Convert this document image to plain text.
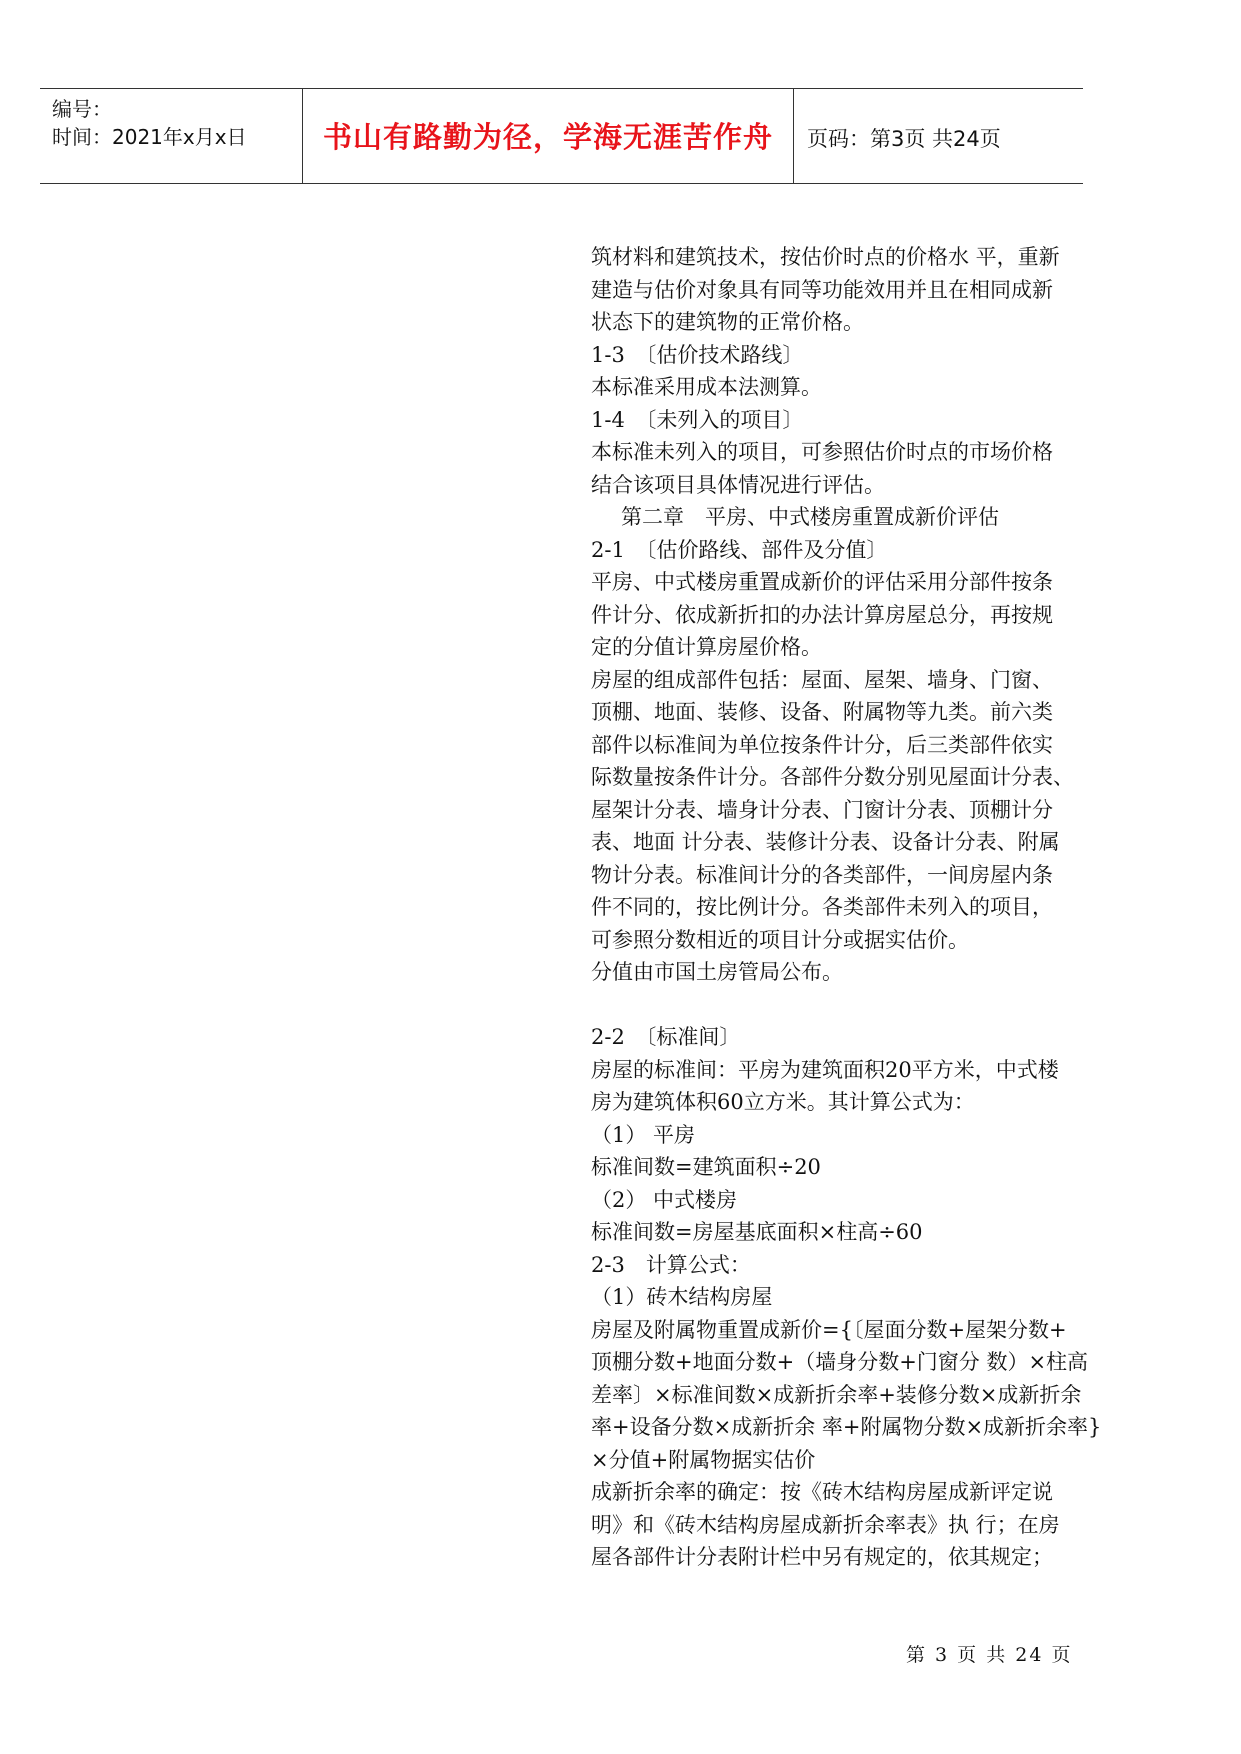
编号：
时间：2021年x月x日	书山有路勤为径，学海无涯苦作舟	页码：第3页 共24页
筑材料和建筑技术，按估价时点的价格水 平，重新
建造与估价对象具有同等功能效用并且在相同成新
状态下的建筑物的正常价格。
1-3　〔估价技术路线〕
本标准采用成本法测算。
1-4　〔未列入的项目〕
本标准未列入的项目，可参照估价时点的市场价格
结合该项目具体情况进行评估。
第二章　平房、中式楼房重置成新价评估
2-1　〔估价路线、部件及分值〕
平房、中式楼房重置成新价的评估采用分部件按条
件计分、依成新折扣的办法计算房屋总分，再按规
定的分值计算房屋价格。
房屋的组成部件包括：屋面、屋架、墙身、门窗、
顶棚、地面、装修、设备、附属物等九类。前六类
部件以标准间为单位按条件计分，后三类部件依实
际数量按条件计分。各部件分数分别见屋面计分表、
屋架计分表、墙身计分表、门窗计分表、顶棚计分
表、地面 计分表、装修计分表、设备计分表、附属
物计分表。标准间计分的各类部件，一间房屋内条
件不同的，按比例计分。各类部件未列入的项目，
可参照分数相近的项目计分或据实估价。
分值由市国土房管局公布。
2-2　〔标准间〕
房屋的标准间：平房为建筑面积20平方米，中式楼
房为建筑体积60立方米。其计算公式为：
（1） 平房
标准间数=建筑面积÷20
（2） 中式楼房
标准间数=房屋基底面积×柱高÷60
2-3　计算公式：
（1）砖木结构房屋
房屋及附属物重置成新价={〔屋面分数+屋架分数+
顶棚分数+地面分数+（墙身分数+门窗分 数）×柱高
差率〕×标准间数×成新折余率+装修分数×成新折余
率+设备分数×成新折余 率+附属物分数×成新折余率}
×分值+附属物据实估价
成新折余率的确定：按《砖木结构房屋成新评定说
明》和《砖木结构房屋成新折余率表》执 行；在房
屋各部件计分表附计栏中另有规定的，依其规定；
第 3 页 共 24 页
